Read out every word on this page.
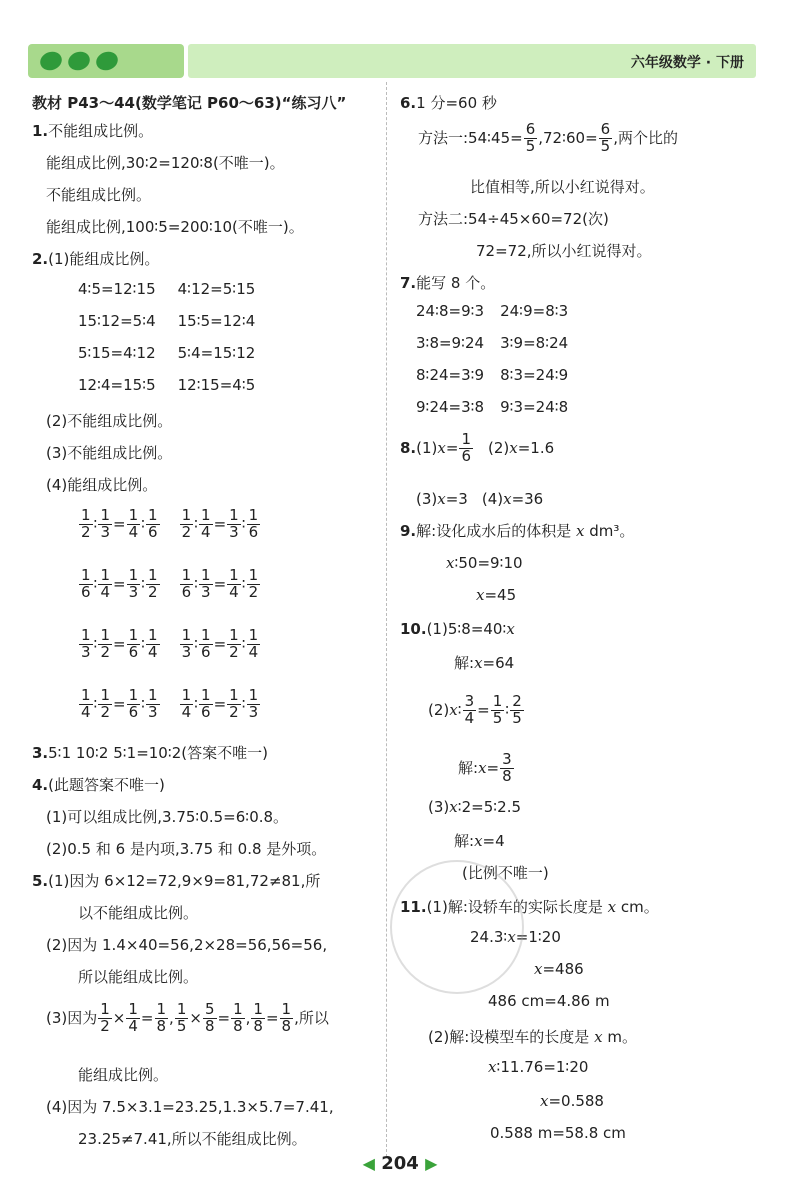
六年级数学 · 下册
教材 P43～44(数学笔记 P60～63)“练习八”
1.不能组成比例。
能组成比例,30∶2=120∶8(不唯一)。
不能组成比例。
能组成比例,100∶5=200∶10(不唯一)。
2.(1)能组成比例。
4∶5=12∶15 4∶12=5∶15
15∶12=5∶4 15∶5=12∶4
5∶15=4∶12 5∶4=15∶12
12∶4=15∶5 12∶15=4∶5
(2)不能组成比例。
(3)不能组成比例。
(4)能组成比例。
$\frac{1}{2}$ ∶ $\frac{1}{3} = \frac{1}{4}$ ∶ $\frac{1}{6} \frac{1}{2}$ ∶ $\frac{1}{4} = \frac{1}{3}$ ∶ $\frac{1}{6}$
$\frac{1}{6}$ ∶ $\frac{1}{4} = \frac{1}{3}$ ∶ $\frac{1}{2} \frac{1}{6}$ ∶ $\frac{1}{3} = \frac{1}{4}$ ∶ $\frac{1}{2}$
$\frac{1}{3}$ ∶ $\frac{1}{2} = \frac{1}{6}$ ∶ $\frac{1}{4} \frac{1}{3}$ ∶ $\frac{1}{6} = \frac{1}{2}$ ∶ $\frac{1}{4}$
$\frac{1}{4}$ ∶ $\frac{1}{2} = \frac{1}{6}$ ∶ $\frac{1}{3} \frac{1}{4}$ ∶ $\frac{1}{6} = \frac{1}{2}$ ∶ $\frac{1}{3}$
3.5∶1 10∶2 5∶1=10∶2(答案不唯一)
4.(此题答案不唯一)
(1)可以组成比例,3.75∶0.5=6∶0.8。
(2)0.5 和 6 是内项,3.75 和 0.8 是外项。
5.(1)因为 6×12=72,9×9=81,72≠81,所
以不能组成比例。
(2)因为 1.4×40=56,2×28=56,56=56,
所以能组成比例。
(3)因为 $\frac{1}{2} \times \frac{1}{4} = \frac{1}{8}$ , $\frac{1}{5} \times \frac{5}{8} = \frac{1}{8}$ , $\frac{1}{8} = \frac{1}{8}$ ,所以
能组成比例。
(4)因为 7.5×3.1=23.25,1.3×5.7=7.41,
23.25≠7.41,所以不能组成比例。
6.1 分=60 秒
方法一:54∶45= $\frac{6}{5}$ ,72∶60= $\frac{6}{5}$ ,两个比的
比值相等,所以小红说得对。
方法二:54÷45×60=72(次)
72=72,所以小红说得对。
7.能写 8 个。
24∶8=9∶3 24∶9=8∶3
3∶8=9∶24 3∶9=8∶24
8∶24=3∶9 8∶3=24∶9
9∶24=3∶8 9∶3=24∶8
$8.(1)x= \frac{1}{6} (2)x=1.6$
(3)x=3 (4)x=36
9.解:设化成水后的体积是 x dm³。
x∶50=9∶10
x=45
10.(1)5∶8=40∶x
解:x=64
(2)x∶ $\frac{3}{4} = \frac{1}{5}$ ∶ $\frac{2}{5}$
解:x= $\frac{3}{8}$
(3)x∶2=5∶2.5
解:x=4
(比例不唯一)
11.(1)解:设轿车的实际长度是 x cm。
24.3∶x=1∶20
x=486
486 cm=4.86 m
(2)解:设模型车的长度是 x m。
x∶11.76=1∶20
x=0.588
0.588 m=58.8 cm
◀ 204 ▶
